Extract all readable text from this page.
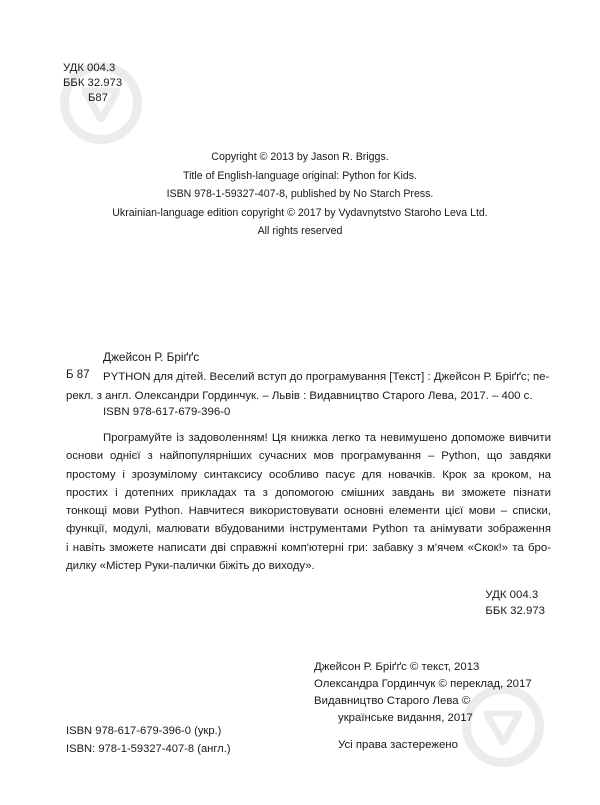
УДК 004.3
ББК 32.973
Б87
Copyright © 2013 by Jason R. Briggs.
Title of English-language original: Python for Kids.
ISBN 978-1-59327-407-8, published by No Starch Press.
Ukrainian-language edition copyright © 2017 by Vydavnytstvo Staroho Leva Ltd.
All rights reserved
Джейсон Р. Бріґґс
Б 87 PYTHON для дітей. Веселий вступ до програмування [Текст] : Джейсон Р. Бріґґс; пе-
рекл. з англ. Олександри Гординчук. – Львів : Видавництво Старого Лева, 2017. – 400 с.
ISBN 978-617-679-396-0
Програмуйте із задоволенням! Ця книжка легко та невимушено допоможе вивчити
основи однієї з найпопулярніших сучасних мов програмування – Python, що завдяки
простому і зрозумілому синтаксису особливо пасує для новачків. Крок за кроком, на
простих і дотепних прикладах та з допомогою смішних завдань ви зможете пізнати
тонкощі мови Python. Навчитеся використовувати основні елементи цієї мови – списки,
функції, модулі, малювати вбудованими інструментами Python та анімувати зображення
і навіть зможете написати дві справжні комп'ютерні гри: забавку з м'ячем «Скок!» та бро-
дилку «Містер Руки-палички біжіть до виходу».
УДК 004.3
ББК 32.973
Джейсон Р. Бріґґс © текст, 2013
Олександра Гординчук © переклад, 2017
Видавництво Старого Лева ©
українське видання, 2017
ISBN 978-617-679-396-0 (укр.)
ISBN: 978-1-59327-407-8 (англ.)	Усі права застережено
